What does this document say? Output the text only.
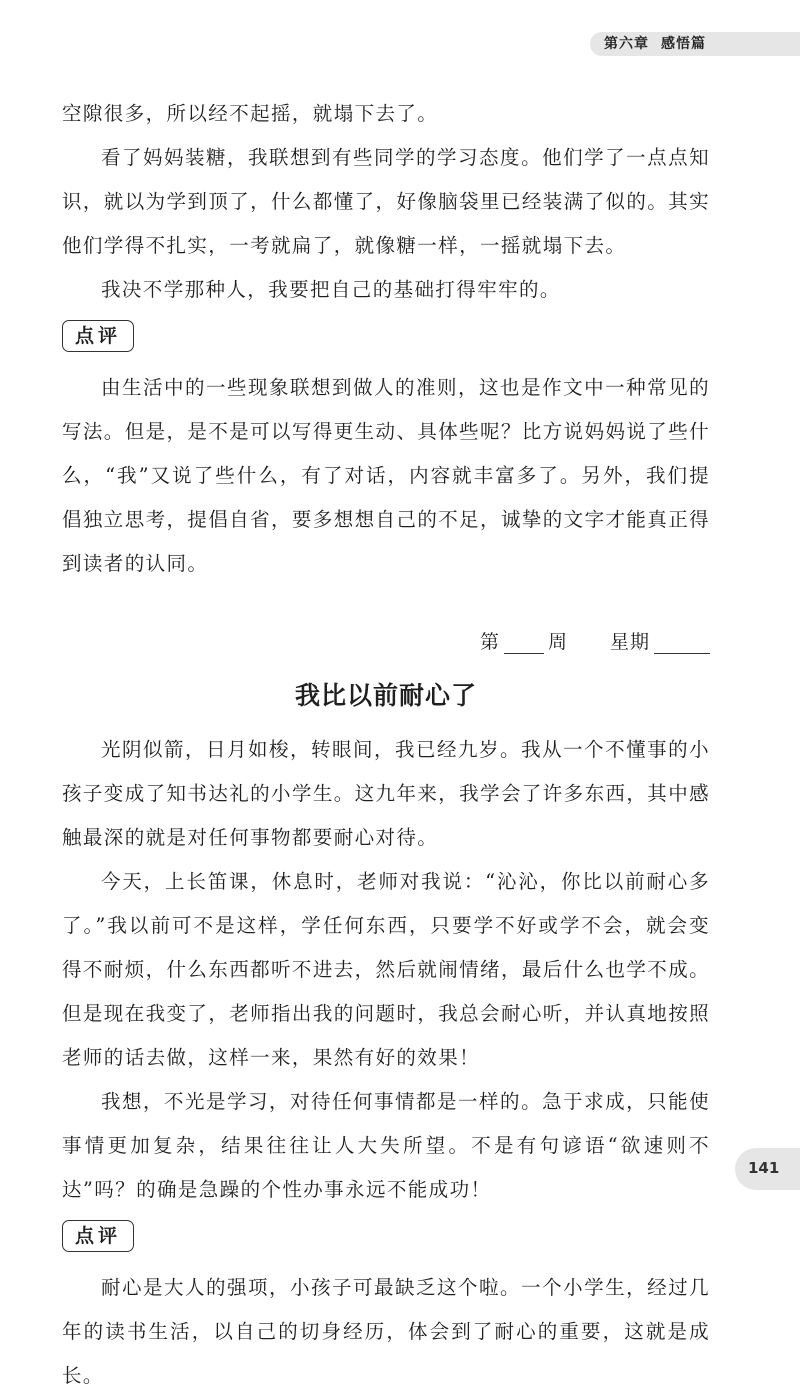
第六章 感悟篇

空隙很多，所以经不起摇，就塌下去了。

看了妈妈装糖，我联想到有些同学的学习态度。他们学了一点点知识，就以为学到顶了，什么都懂了，好像脑袋里已经装满了似的。其实他们学得不扎实，一考就扁了，就像糖一样，一摇就塌下去。

我决不学那种人，我要把自己的基础打得牢牢的。

点评

由生活中的一些现象联想到做人的准则，这也是作文中一种常见的写法。但是，是不是可以写得更生动、具体些呢？比方说妈妈说了些什么，“我”又说了些什么，有了对话，内容就丰富多了。另外，我们提倡独立思考，提倡自省，要多想想自己的不足，诚挚的文字才能真正得到读者的认同。

第	周 星期
我比以前耐心了

光阴似箭，日月如梭，转眼间，我已经九岁。我从一个不懂事的小孩子变成了知书达礼的小学生。这九年来，我学会了许多东西，其中感触最深的就是对任何事物都要耐心对待。

今天，上长笛课，休息时，老师对我说：“沁沁，你比以前耐心多了。”我以前可不是这样，学任何东西，只要学不好或学不会，就会变得不耐烦，什么东西都听不进去，然后就闹情绪，最后什么也学不成。但是现在我变了，老师指出我的问题时，我总会耐心听，并认真地按照老师的话去做，这样一来，果然有好的效果！

我想，不光是学习，对待任何事情都是一样的。急于求成，只能使事情更加复杂，结果往往让人大失所望。不是有句谚语“欲速则不达”吗？的确是急躁的个性办事永远不能成功！

点评

耐心是大人的强项，小孩子可最缺乏这个啦。一个小学生，经过几年的读书生活，以自己的切身经历，体会到了耐心的重要，这就是成长。

141
